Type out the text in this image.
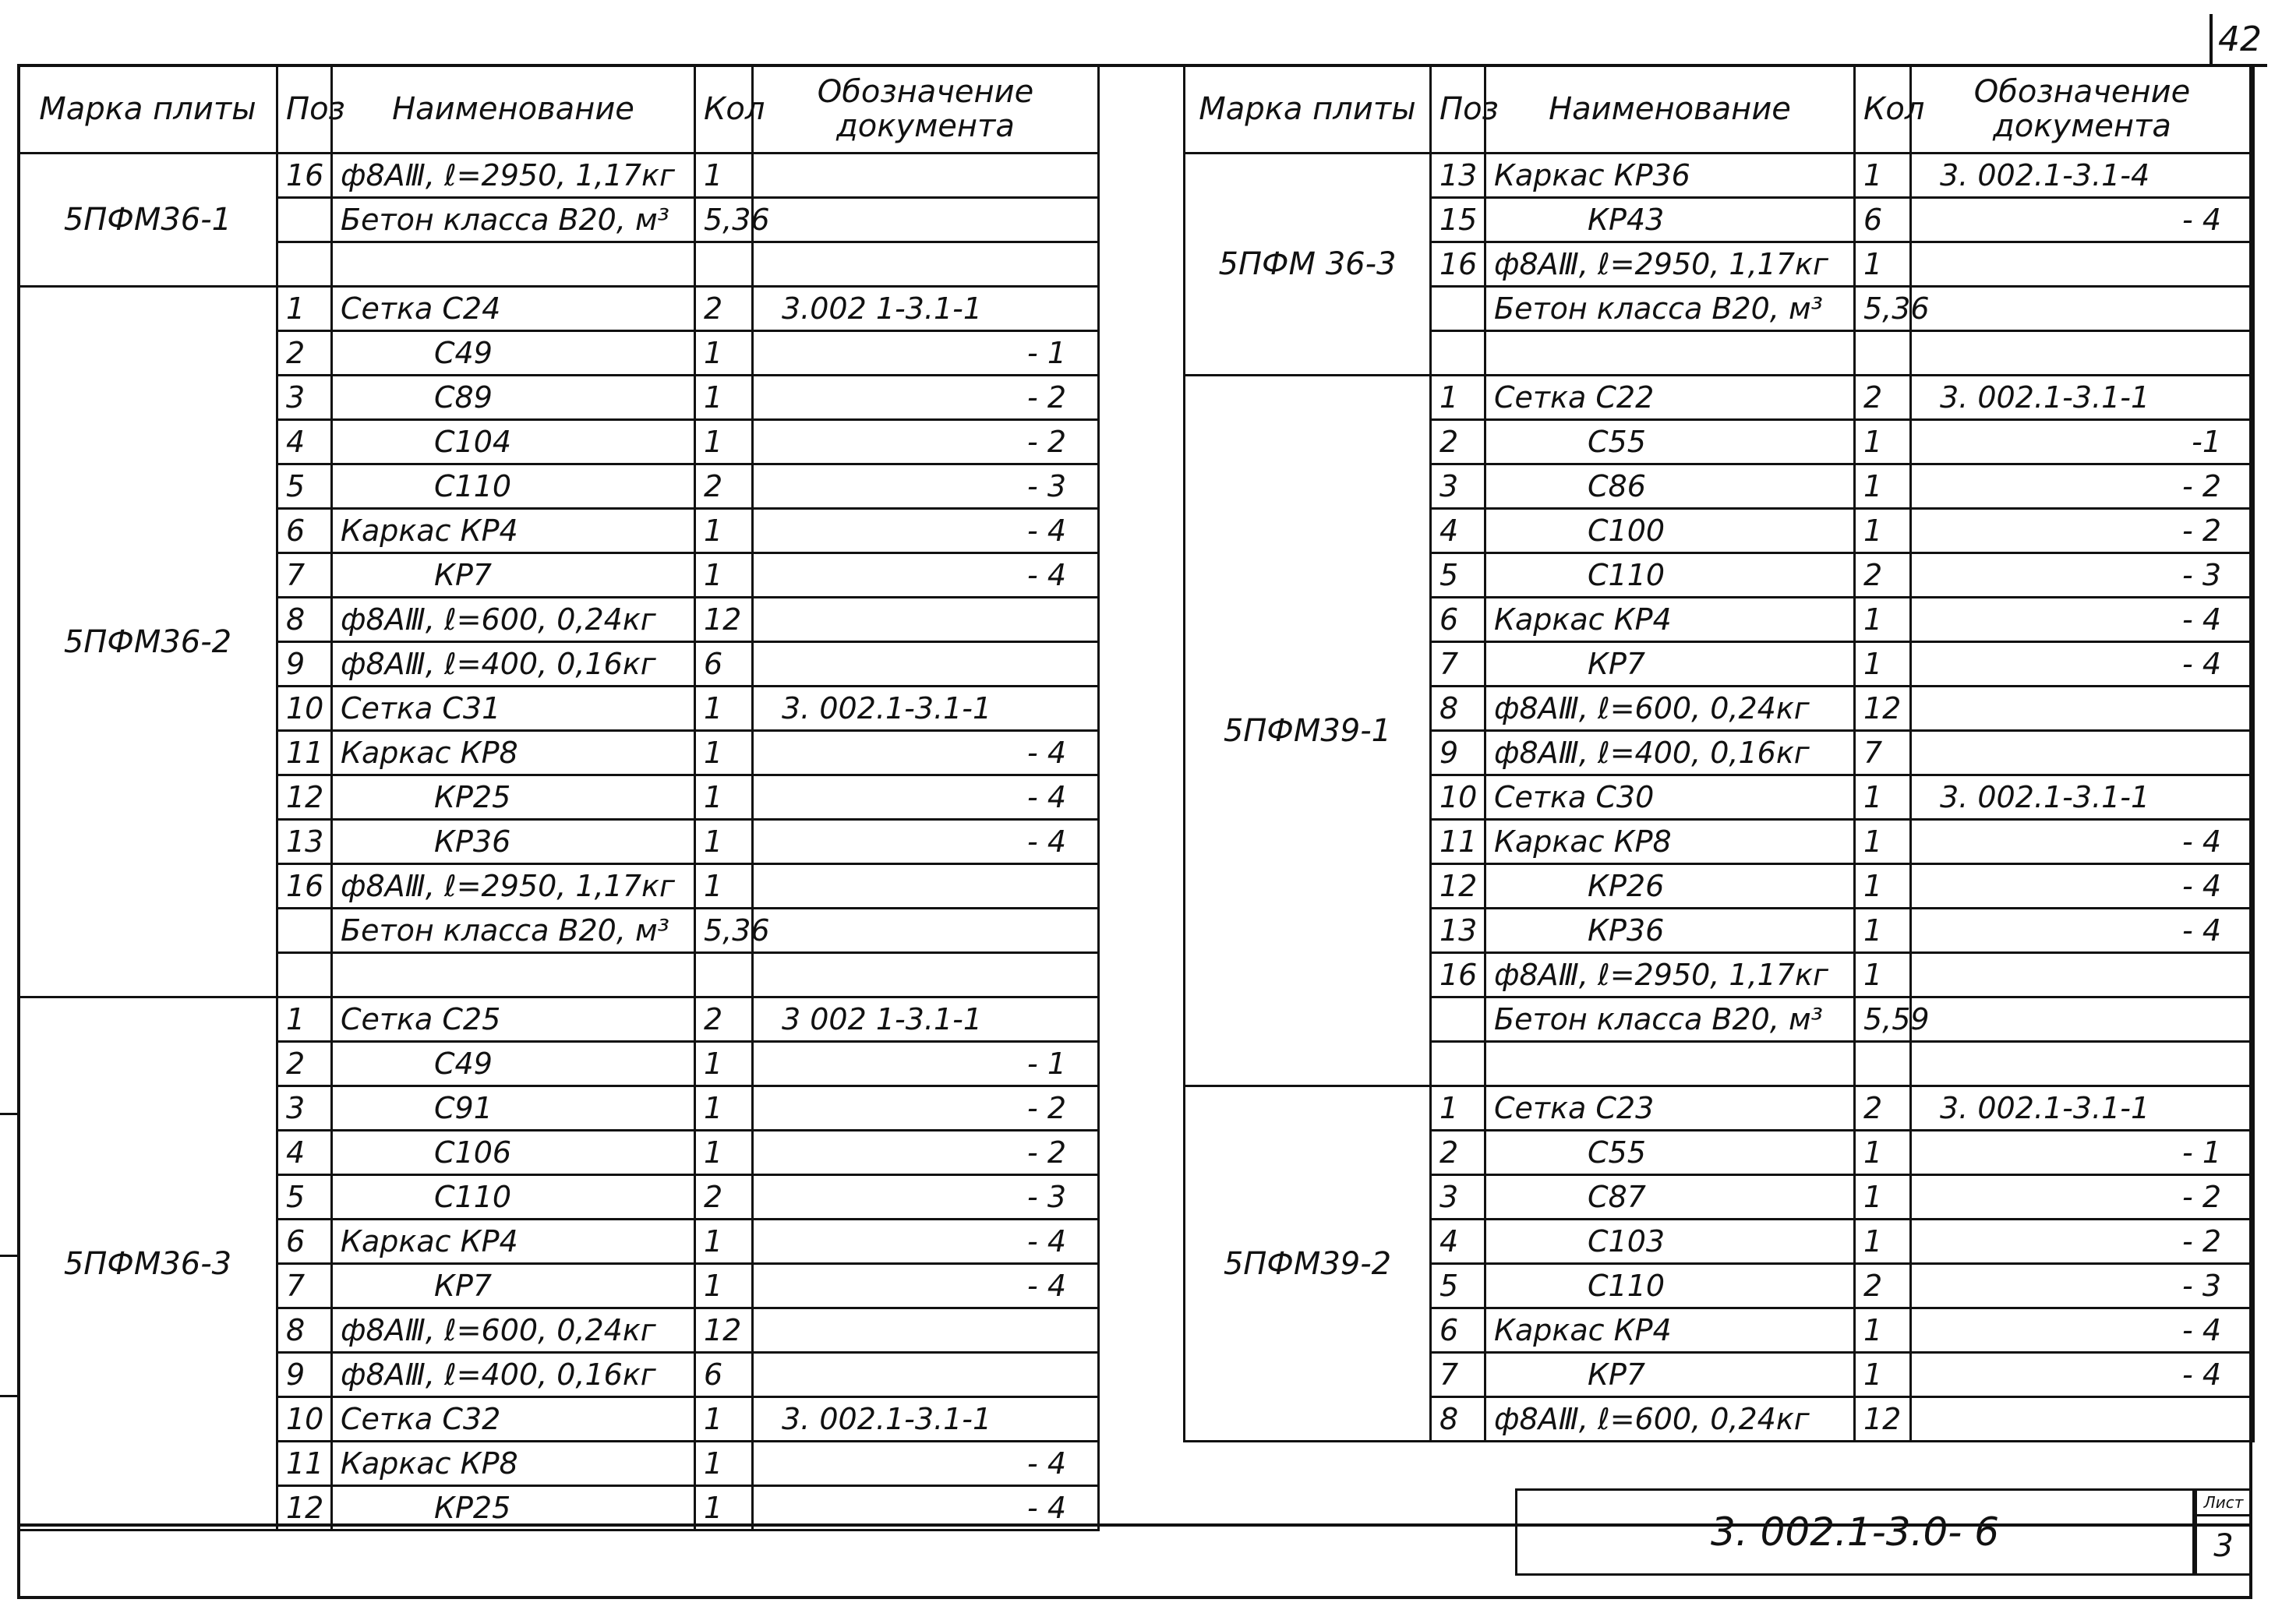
42
Марка плиты	Поз	Наименование	Кол	Обозначение документа
5ПФМ36-1	16	ф8АⅢ, ℓ=2950, 1,17кг	1	
		Бетон класса В20, м³	5,36	

5ПФМ36-2	1	Сетка С24	2	3.002 1-3.1-1
	2	С49	1	- 1
	3	С89	1	- 2
	4	С104	1	- 2
	5	С110	2	- 3
	6	Каркас КР4	1	- 4
	7	КР7	1	- 4
	8	ф8АⅢ, ℓ=600, 0,24кг	12	
	9	ф8АⅢ, ℓ=400, 0,16кг	6	
	10	Сетка С31	1	3. 002.1-3.1-1
	11	Каркас КР8	1	- 4
	12	КР25	1	- 4
	13	КР36	1	- 4
	16	ф8АⅢ, ℓ=2950, 1,17кг	1	
		Бетон класса В20, м³	5,36	

5ПФМ36-3	1	Сетка С25	2	3 002 1-3.1-1
	2	С49	1	- 1
	3	С91	1	- 2
	4	С106	1	- 2
	5	С110	2	- 3
	6	Каркас КР4	1	- 4
	7	КР7	1	- 4
	8	ф8АⅢ, ℓ=600, 0,24кг	12	
	9	ф8АⅢ, ℓ=400, 0,16кг	6	
	10	Сетка С32	1	3. 002.1-3.1-1
	11	Каркас КР8	1	- 4
	12	КР25	1	- 4
Марка плиты	Поз	Наименование	Кол	Обозначение документа
5ПФМ 36-3	13	Каркас КР36	1	3. 002.1-3.1-4
	15	КР43	6	- 4
	16	ф8АⅢ, ℓ=2950, 1,17кг	1	
		Бетон класса В20, м³	5,36	

5ПФМ39-1	1	Сетка С22	2	3. 002.1-3.1-1
	2	С55	1	-1
	3	С86	1	- 2
	4	С100	1	- 2
	5	С110	2	- 3
	6	Каркас КР4	1	- 4
	7	КР7	1	- 4
	8	ф8АⅢ, ℓ=600, 0,24кг	12	
	9	ф8АⅢ, ℓ=400, 0,16кг	7	
	10	Сетка С30	1	3. 002.1-3.1-1
	11	Каркас КР8	1	- 4
	12	КР26	1	- 4
	13	КР36	1	- 4
	16	ф8АⅢ, ℓ=2950, 1,17кг	1	
		Бетон класса В20, м³	5,59	

5ПФМ39-2	1	Сетка С23	2	3. 002.1-3.1-1
	2	С55	1	- 1
	3	С87	1	- 2
	4	С103	1	- 2
	5	С110	2	- 3
	6	Каркас КР4	1	- 4
	7	КР7	1	- 4
	8	ф8АⅢ, ℓ=600, 0,24кг	12	
3. 002.1-3.0- 6
Лист
3
